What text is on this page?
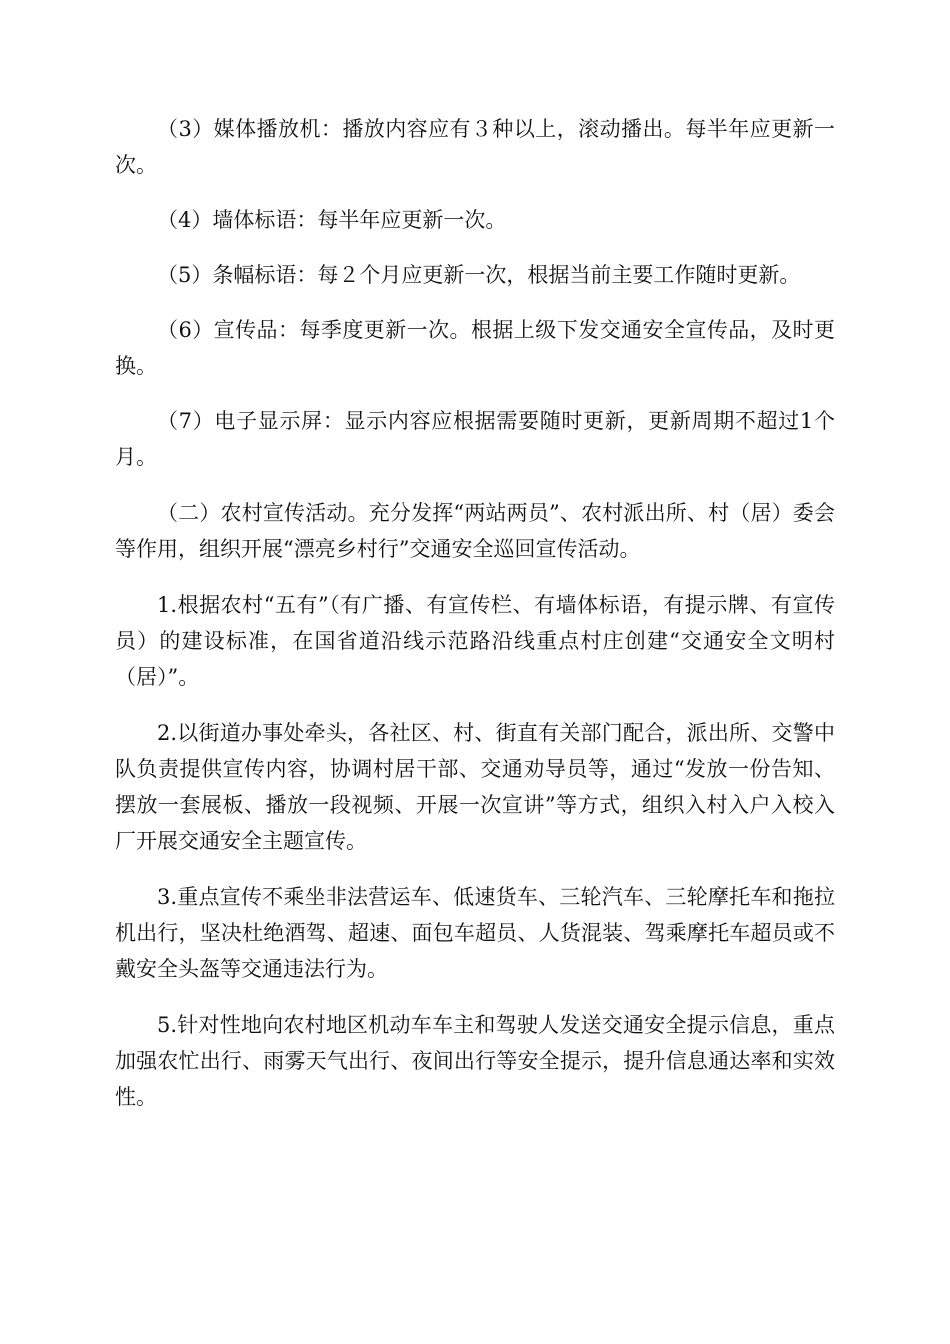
（3）媒体播放机：播放内容应有３种以上，滚动播出。每半年应更新一次。

（4）墙体标语：每半年应更新一次。

（5）条幅标语：每２个月应更新一次，根据当前主要工作随时更新。

（6）宣传品：每季度更新一次。根据上级下发交通安全宣传品，及时更换。

（7）电子显示屏：显示内容应根据需要随时更新，更新周期不超过1个月。

（二）农村宣传活动。充分发挥“两站两员”、农村派出所、村（居）委会等作用，组织开展“漂亮乡村行”交通安全巡回宣传活动。

1.根据农村“五有”（有广播、有宣传栏、有墙体标语，有提示牌、有宣传员）的建设标准，在国省道沿线示范路沿线重点村庄创建“交通安全文明村（居）”。

2.以街道办事处牵头，各社区、村、街直有关部门配合，派出所、交警中队负责提供宣传内容，协调村居干部、交通劝导员等，通过“发放一份告知、摆放一套展板、播放一段视频、开展一次宣讲”等方式，组织入村入户入校入厂开展交通安全主题宣传。

3.重点宣传不乘坐非法营运车、低速货车、三轮汽车、三轮摩托车和拖拉机出行，坚决杜绝酒驾、超速、面包车超员、人货混装、驾乘摩托车超员或不戴安全头盔等交通违法行为。

5.针对性地向农村地区机动车车主和驾驶人发送交通安全提示信息，重点加强农忙出行、雨雾天气出行、夜间出行等安全提示，提升信息通达率和实效性。
